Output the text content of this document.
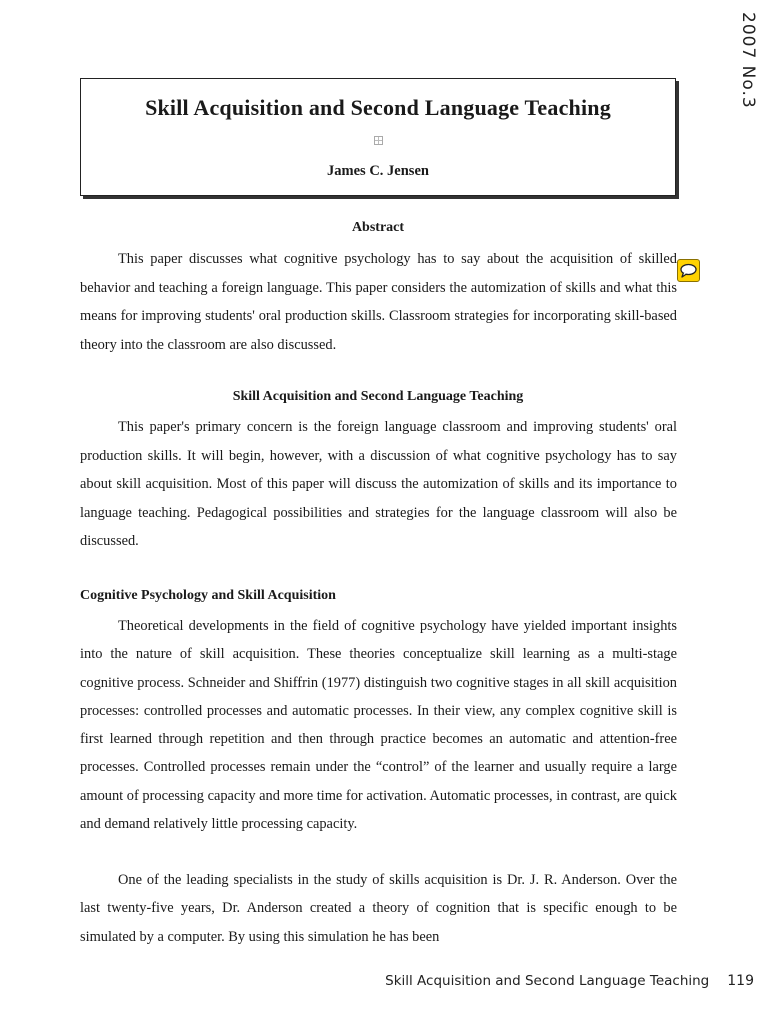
2007 No.3
Skill Acquisition and Second Language Teaching
James C. Jensen
Abstract

This paper discusses what cognitive psychology has to say about the acquisition of skilled behavior and teaching a foreign language. This paper considers the automization of skills and what this means for improving students' oral production skills. Classroom strategies for incorporating skill-based theory into the classroom are also discussed.

Skill Acquisition and Second Language Teaching

This paper's primary concern is the foreign language classroom and improving students' oral production skills. It will begin, however, with a discussion of what cognitive psychology has to say about skill acquisition. Most of this paper will discuss the automization of skills and its importance to language teaching. Pedagogical possibilities and strategies for the language classroom will also be discussed.

Cognitive Psychology and Skill Acquisition

Theoretical developments in the field of cognitive psychology have yielded important insights into the nature of skill acquisition. These theories conceptualize skill learning as a multi-stage cognitive process. Schneider and Shiffrin (1977) distinguish two cognitive stages in all skill acquisition processes: controlled processes and automatic processes. In their view, any complex cognitive skill is first learned through repetition and then through practice becomes an automatic and attention-free processes. Controlled processes remain under the “control” of the learner and usually require a large amount of processing capacity and more time for activation. Automatic processes, in contrast, are quick and demand relatively little processing capacity.

One of the leading specialists in the study of skills acquisition is Dr. J. R. Anderson. Over the last twenty-five years, Dr. Anderson created a theory of cognition that is specific enough to be simulated by a computer. By using this simulation he has been

Skill Acquisition and Second Language Teaching 119
